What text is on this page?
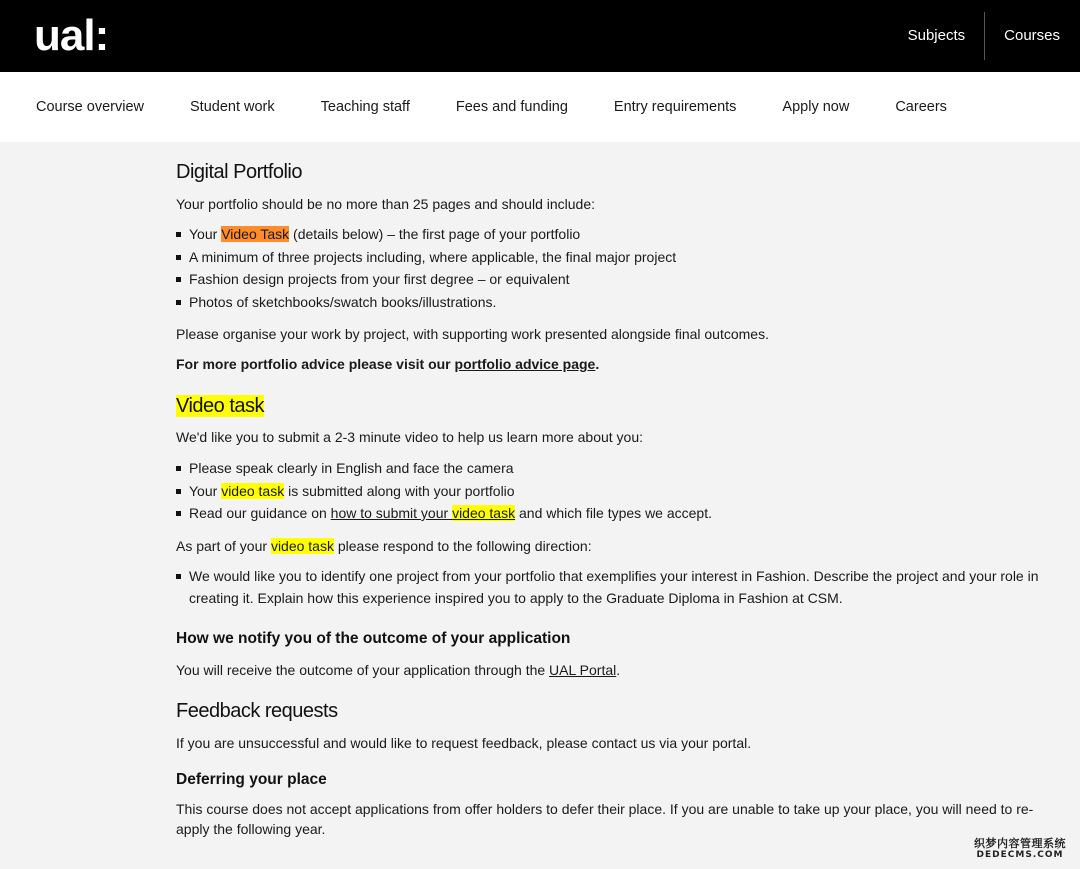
ual:	Subjects	Courses
Course overview	Student work	Teaching staff	Fees and funding	Entry requirements	Apply now	Careers
Digital Portfolio

Your portfolio should be no more than 25 pages and should include:

Your Video Task (details below) – the first page of your portfolio
A minimum of three projects including, where applicable, the final major project
Fashion design projects from your first degree – or equivalent
Photos of sketchbooks/swatch books/illustrations.

Please organise your work by project, with supporting work presented alongside final outcomes.

For more portfolio advice please visit our portfolio advice page.

Video task

We'd like you to submit a 2-3 minute video to help us learn more about you:

Please speak clearly in English and face the camera
Your video task is submitted along with your portfolio
Read our guidance on how to submit your video task and which file types we accept.

As part of your video task please respond to the following direction:

We would like you to identify one project from your portfolio that exemplifies your interest in Fashion. Describe the project and your role in creating it. Explain how this experience inspired you to apply to the Graduate Diploma in Fashion at CSM.
How we notify you of the outcome of your application

You will receive the outcome of your application through the UAL Portal.

Feedback requests

If you are unsuccessful and would like to request feedback, please contact us via your portal.

Deferring your place

This course does not accept applications from offer holders to defer their place. If you are unable to take up your place, you will need to re-apply the following year.

织梦内容管理系统
DEDECMS.COM
